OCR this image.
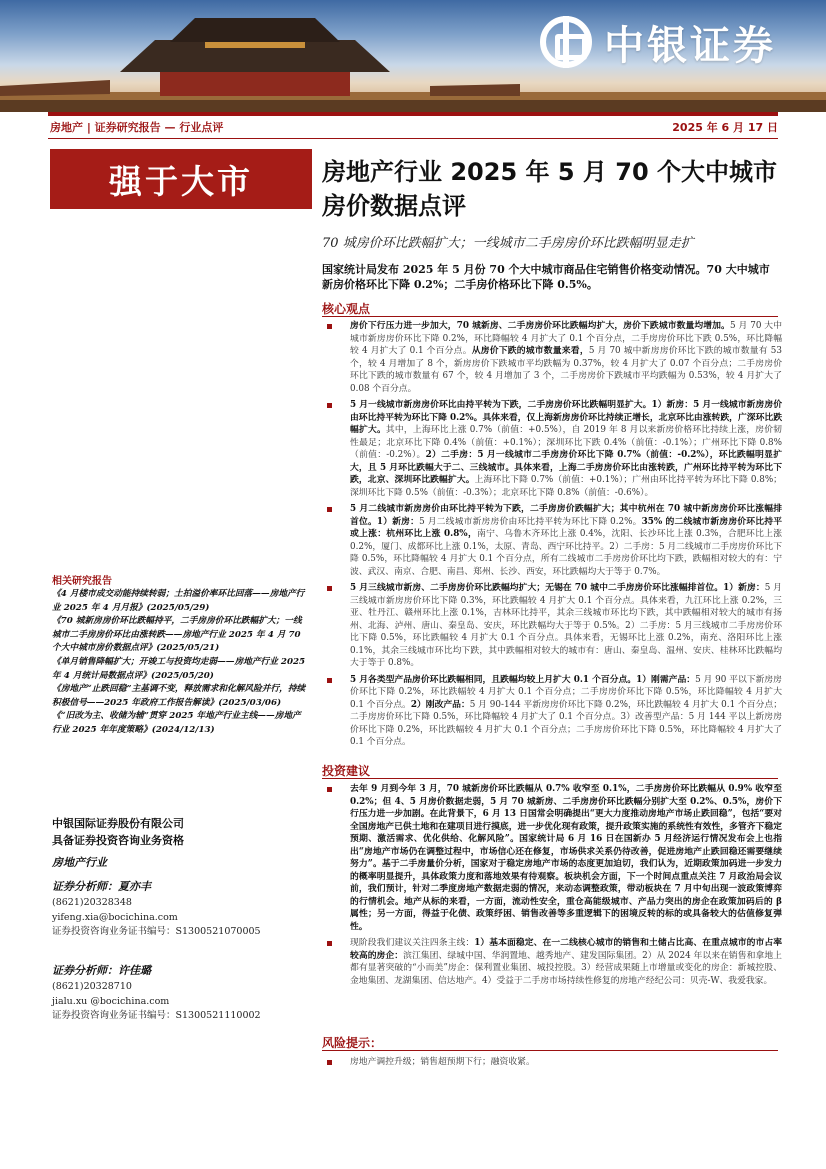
中银证券
房地产 | 证券研究报告 — 行业点评	2025 年 6 月 17 日
强于大市	房地产行业 2025 年 5 月 70 个大中城市房价数据点评
70 城房价环比跌幅扩大；一线城市二手房房价环比跌幅明显走扩
国家统计局发布 2025 年 5 月份 70 个大中城市商品住宅销售价格变动情况。70 大中城市新房价格环比下降 0.2%；二手房价格环比下降 0.5%。
核心观点
房价下行压力进一步加大，70 城新房、二手房房价环比跌幅均扩大，房价下跌城市数量均增加。5 月 70 大中城市新房房价环比下降 0.2%，环比降幅较 4 月扩大了 0.1 个百分点，二手房房价环比下跌 0.5%，环比降幅较 4 月扩大了 0.1 个百分点。从房价下跌的城市数量来看，5 月 70 城中新房房价环比下跌的城市数量有 53 个，较 4 月增加了 8 个，新房房价下跌城市平均跌幅为 0.37%，较 4 月扩大了 0.07 个百分点；二手房房价环比下跌的城市数量有 67 个，较 4 月增加了 3 个，二手房房价下跌城市平均跌幅为 0.53%，较 4 月扩大了 0.08 个百分点。
5 月一线城市新房房价环比由持平转为下跌，二手房房价环比跌幅明显扩大。1）新房：5 月一线城市新房房价由环比持平转为环比下降 0.2%。具体来看，仅上海新房房价环比持续正增长，北京环比由涨转跌，广深环比跌幅扩大。其中，上海环比上涨 0.7%（前值：+0.5%），自 2019 年 8 月以来新房价格环比持续上涨，房价韧性最足；北京环比下降 0.4%（前值：+0.1%）；深圳环比下跌 0.4%（前值：-0.1%）；广州环比下降 0.8%（前值：-0.2%）。2）二手房：5 月一线城市二手房房价环比下降 0.7%（前值：-0.2%），环比跌幅明显扩大，且 5 月环比跌幅大于二、三线城市。具体来看，上海二手房房价环比由涨转跌，广州环比持平转为环比下跌，北京、深圳环比跌幅扩大。上海环比下降 0.7%（前值：+0.1%）；广州由环比持平转为环比下降 0.8%；深圳环比下降 0.5%（前值：-0.3%）；北京环比下降 0.8%（前值：-0.6%）。
5 月二线城市新房房价由环比持平转为下跌，二手房房价跌幅扩大；其中杭州在 70 城中新房房价环比涨幅排首位。1）新房：5 月二线城市新房房价由环比持平转为环比下降 0.2%。35% 的二线城市新房房价环比持平或上涨：杭州环比上涨 0.8%，南宁、乌鲁木齐环比上涨 0.4%，沈阳、长沙环比上涨 0.3%，合肥环比上涨 0.2%，厦门、成都环比上涨 0.1%，太原、青岛、西宁环比持平。2）二手房：5 月二线城市二手房房价环比下降 0.5%，环比降幅较 4 月扩大 0.1 个百分点，所有二线城市二手房房价环比均下跌，跌幅相对较大的有：宁波、武汉、南京、合肥、南昌、郑州、长沙、西安，环比跌幅均大于等于 0.7%。
5 月三线城市新房、二手房房价环比跌幅均扩大；无锡在 70 城中二手房房价环比涨幅排首位。1）新房：5 月三线城市新房房价环比下降 0.3%，环比跌幅较 4 月扩大 0.1 个百分点。具体来看，九江环比上涨 0.2%，三亚、牡丹江、赣州环比上涨 0.1%，吉林环比持平，其余三线城市环比均下跌，其中跌幅相对较大的城市有扬州、北海、泸州、唐山、秦皇岛、安庆，环比跌幅均大于等于 0.5%。2）二手房：5 月三线城市二手房房价环比下降 0.5%，环比跌幅较 4 月扩大 0.1 个百分点。具体来看，无锡环比上涨 0.2%，南充、洛阳环比上涨 0.1%，其余三线城市环比均下跌，其中跌幅相对较大的城市有：唐山、秦皇岛、温州、安庆、桂林环比跌幅均大于等于 0.8%。
5 月各类型产品房价环比跌幅相同，且跌幅均较上月扩大 0.1 个百分点。1）刚需产品：5 月 90 平以下新房房价环比下降 0.2%，环比跌幅较 4 月扩大 0.1 个百分点；二手房房价环比下降 0.5%，环比降幅较 4 月扩大 0.1 个百分点。2）刚改产品：5 月 90-144 平新房房价环比下降 0.2%，环比跌幅较 4 月扩大 0.1 个百分点；二手房房价环比下降 0.5%，环比降幅较 4 月扩大了 0.1 个百分点。3）改善型产品：5 月 144 平以上新房房价环比下降 0.2%，环比跌幅较 4 月扩大 0.1 个百分点；二手房房价环比下降 0.5%，环比降幅较 4 月扩大了 0.1 个百分点。
投资建议
去年 9 月到今年 3 月，70 城新房价环比跌幅从 0.7% 收窄至 0.1%，二手房房价环比跌幅从 0.9% 收窄至 0.2%；但 4、5 月房价数据走弱，5 月 70 城新房、二手房房价环比跌幅分别扩大至 0.2%、0.5%，房价下行压力进一步加剧。在此背景下，6 月 13 日国常会明确提出“更大力度推动房地产市场止跌回稳”，包括“要对全国房地产已供土地和在建项目进行摸底，进一步优化现有政策，提升政策实施的系统性有效性，多管齐下稳定预期、激活需求、优化供给、化解风险”。国家统计局 6 月 16 日在国新办 5 月经济运行情况发布会上也指出“房地产市场仍在调整过程中，市场信心还在修复，市场供求关系仍待改善，促进房地产止跌回稳还需要继续努力”。基于二手房量价分析，国家对于稳定房地产市场的态度更加迫切，我们认为，近期政策加码进一步发力的概率明显提升，具体政策力度和落地效果有待观察。板块机会方面，下一个时间点重点关注 7 月政治局会议前，我们预计，针对二季度房地产数据走弱的情况，来动态调整政策，带动板块在 7 月中旬出现一波政策博弈的行情机会。地产从标的来看，一方面，流动性安全，重仓高能级城市、产品力突出的房企在政策加码后的 β 属性；另一方面，得益于化债、政策纾困、销售改善等多重逻辑下的困境反转的标的或具备较大的估值修复弹性。
现阶段我们建议关注四条主线：1）基本面稳定、在一二线核心城市的销售和土储占比高、在重点城市的市占率较高的房企：滨江集团、绿城中国、华润置地、越秀地产、建发国际集团。2）从 2024 年以来在销售和拿地上都有显著突破的“小而美”房企：保利置业集团、城投控股。3）经营成果随上市增量或变化的房企：新城控股、金地集团、龙湖集团、信达地产。4）受益于二手房市场持续性修复的房地产经纪公司：贝壳-W、我爱我家。
风险提示：
房地产调控升级；销售超预期下行；融资收紧。
相关研究报告

《4 月楼市成交动能持续转弱；土拍溢价率环比回落——房地产行业 2025 年 4 月月报》(2025/05/29)

《70 城新房房价环比跌幅持平，二手房房价环比跌幅扩大；一线城市二手房房价环比由涨转跌——房地产行业 2025 年 4 月 70 个大中城市房价数据点评》(2025/05/21)

《单月销售降幅扩大；开竣工与投资均走弱——房地产行业 2025 年 4 月统计局数据点评》(2025/05/20)

《房地产“止跌回稳”主基调不变，释放需求和化解风险并行，持续积极信号——2025 年政府工作报告解读》(2025/03/06)

《“旧改为主、收储为辅”贯穿 2025 年地产行业主线——房地产行业 2025 年年度策略》(2024/12/13)

中银国际证券股份有限公司
具备证券投资咨询业务资格
房地产行业
证券分析师：夏亦丰
(8621)20328348
yifeng.xia@bocichina.com
证券投资咨询业务证书编号：S1300521070005
证券分析师：许佳璐
(8621)20328710
jialu.xu @bocichina.com
证券投资咨询业务证书编号：S1300521110002
